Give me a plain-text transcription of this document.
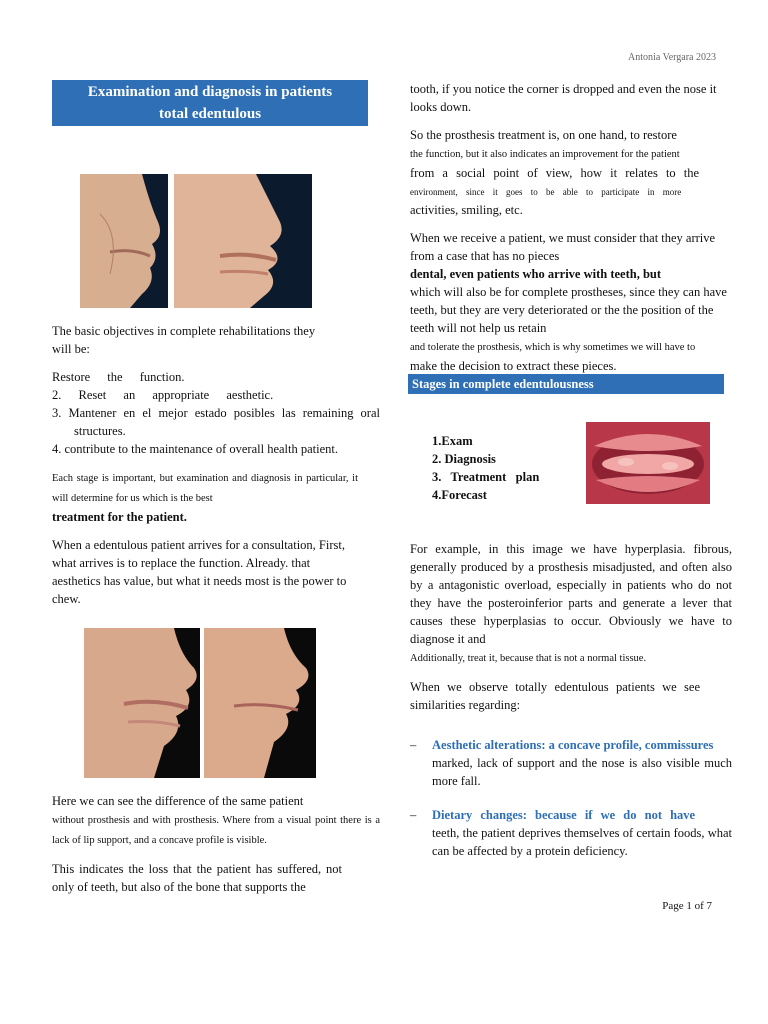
Antonia Vergara 2023
Examination and diagnosis in patients
total edentulous

The basic objectives in complete rehabilitations they will be:

Restore the function.
2. Reset an appropriate aesthetic.
3. Mantener en el mejor estado posibles las remaining oral structures.
4. contribute to the maintenance of overall health patient.

Each stage is important, but examination and diagnosis in particular, it will determine for us which is the best
treatment for the patient.

When a edentulous patient arrives for a consultation, First, what arrives is to replace the function. Already. that aesthetics has value, but what it needs most is the power to chew.

Here we can see the difference of the same patient
without prosthesis and with prosthesis. Where from a visual point there is a lack of lip support, and a concave profile is visible.

This indicates the loss that the patient has suffered, not only of teeth, but also of the bone that supports the

tooth, if you notice the corner is dropped and even the nose it looks down.

So the prosthesis treatment is, on one hand, to restore
the function, but it also indicates an improvement for the patient
from a social point of view, how it relates to the
environment, since it goes to be able to participate in more
activities, smiling, etc.

When we receive a patient, we must consider that they arrive from a case that has no pieces
dental, even patients who arrive with teeth, but
which will also be for complete prostheses, since they can have teeth, but they are very deteriorated or the the position of the teeth will not help us retain
and tolerate the prosthesis, which is why sometimes we will have to
make the decision to extract these pieces.

Stages in complete edentulousness
1.Exam
2. Diagnosis
3.   Treatment   plan
4.Forecast

For example, in this image we have hyperplasia. fibrous, generally produced by a prosthesis misadjusted, and often also by a antagonistic overload, especially in patients who do not they have the posteroinferior parts and generate a lever that causes these hyperplasias to occur. Obviously we have to diagnose it and
Additionally, treat it, because that is not a normal tissue.

When we observe totally edentulous patients we see similarities regarding:

– Aesthetic alterations: a concave profile, commissures
marked, lack of support and the nose is also visible much more fall.
– Dietary changes: because if we do not have
teeth, the patient deprives themselves of certain foods, what can be affected by a protein deficiency.
Page 1 of 7
